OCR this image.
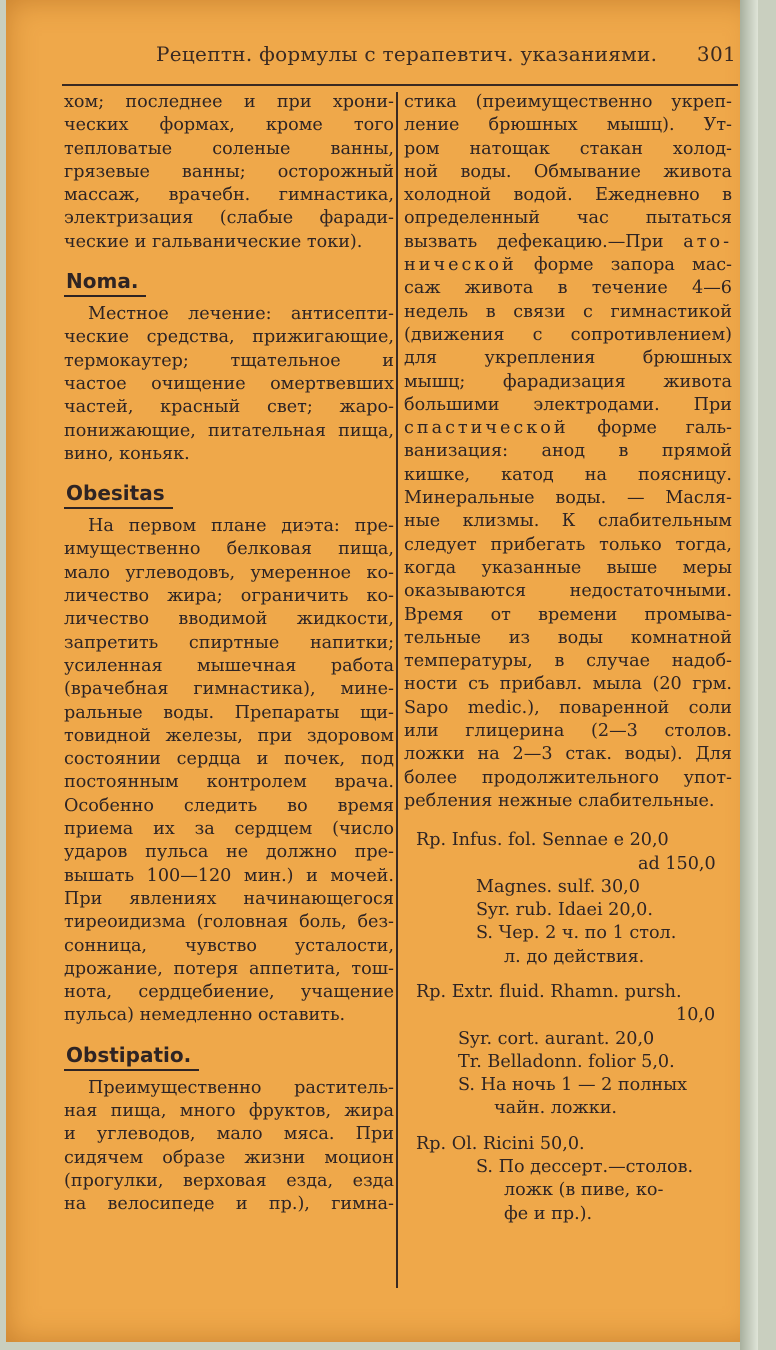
Рецептн. формулы с терапевтич. указаниями. 301

хом; последнее и при хрони-

ческих формах, кроме того

тепловатые соленые ванны,

грязевые ванны; осторожный

массаж, врачебн. гимнастика,

электризация (слабые фаради-

ческие и гальванические токи).

Noma.

Местное лечение: антисепти-

ческие средства, прижигающие,

термокаутер; тщательное и

частое очищение омертвевших

частей, красный свет; жаро-

понижающие, питательная пища,

вино, коньяк.

Obesitas

На первом плане диэта: пре-

имущественно белковая пища,

мало углеводовъ, умеренное ко-

личество жира; ограничить ко-

личество вводимой жидкости,

запретить спиртные напитки;

усиленная мышечная работа

(врачебная гимнастика), мине-

ральные воды. Препараты щи-

товидной железы, при здоровом

состоянии сердца и почек, под

постоянным контролем врача.

Особенно следить во время

приема их за сердцем (число

ударов пульса не должно пре-

вышать 100—120 мин.) и мочей.

При явлениях начинающегося

тиреоидизма (головная боль, без-

сонница, чувство усталости,

дрожание, потеря аппетита, тош-

нота, сердцебиение, учащение

пульса) немедленно оставить.

Obstipatio.

Преимущественно раститель-

ная пища, много фруктов, жира

и углеводов, мало мяса. При

сидячем образе жизни моцион

(прогулки, верховая езда, езда

на велосипеде и пр.), гимна-

стика (преимущественно укреп-

ление брюшных мышц). Ут-

ром натощак стакан холод-

ной воды. Обмывание живота

холодной водой. Ежедневно в

определенный час пытаться

вызвать дефекацию.—При ато-

нической форме запора мас-

саж живота в течение 4—6

недель в связи с гимнастикой

(движения с сопротивлением)

для укрепления брюшных

мышц; фарадизация живота

большими электродами. При

спастической форме галь-

ванизация: анод в прямой

кишке, катод на поясницу.

Минеральные воды. — Масля-

ные клизмы. К слабительным

следует прибегать только тогда,

когда указанные выше меры

оказываются недостаточными.

Время от времени промыва-

тельные из воды комнатной

температуры, в случае надоб-

ности съ прибавл. мыла (20 грм.

Sapo medic.), поваренной соли

или глицерина (2—3 столов.

ложки на 2—3 стак. воды). Для

более продолжительного упот-

ребления нежные слабительные.

Rp. Infus. fol. Sennae e 20,0
ad 150,0
Magnes. sulf. 30,0
Syr. rub. Idaei 20,0.
S. Чер. 2 ч. по 1 стол.
л. до действия.
Rp. Extr. fluid. Rhamn. pursh.
10,0
Syr. cort. aurant. 20,0
Tr. Belladonn. folior 5,0.
S. На ночь 1 — 2 полных
чайн. ложки.
Rp. Ol. Ricini 50,0.
S. По дессерт.—столов.
ложк (в пиве, ко-
фе и пр.).
